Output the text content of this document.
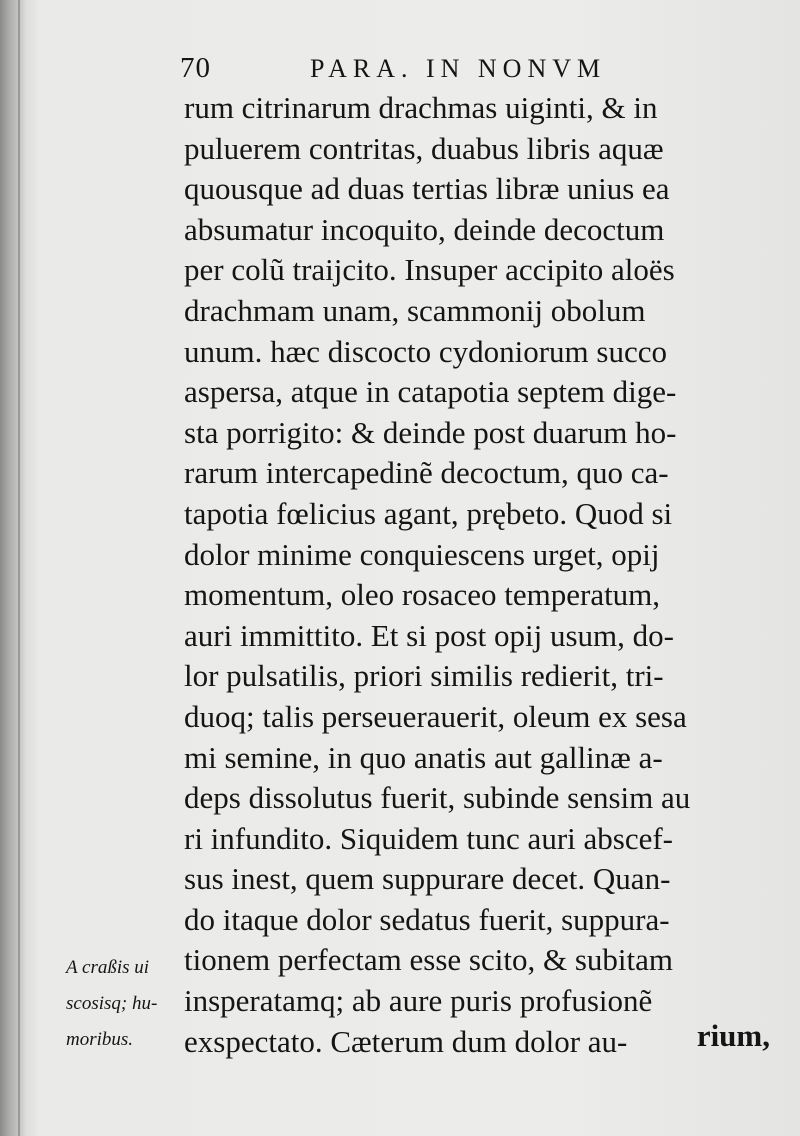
70	PARA. IN NONVM
rum citrinarum drachmas uiginti, & in
puluerem contritas, duabus libris aquæ
quousque ad duas tertias libræ unius ea
absumatur incoquito, deinde decoctum
per colũ traijcito. Insuper accipito aloës
drachmam unam, scammonij obolum
unum. hæc discocto cydoniorum succo
aspersa, atque in catapotia septem dige-
sta porrigito: & deinde post duarum ho-
rarum intercapedinẽ decoctum, quo ca-
tapotia fœlicius agant, prębeto. Quod si
dolor minime conquiescens urget, opij
momentum, oleo rosaceo temperatum,
auri immittito. Et si post opij usum, do-
lor pulsatilis, priori similis redierit, tri-
duoq; talis perseuerauerit, oleum ex sesa
mi semine, in quo anatis aut gallinæ a-
deps dissolutus fuerit, subinde sensim au
ri infundito. Siquidem tunc auri abscef-
sus inest, quem suppurare decet. Quan-
do itaque dolor sedatus fuerit, suppura-
tionem perfectam esse scito, & subitam
insperatamq; ab aure puris profusionẽ
exspectato. Cæterum dum dolor au-	rium,
A craßis ui
scosisq; hu-
moribus.
